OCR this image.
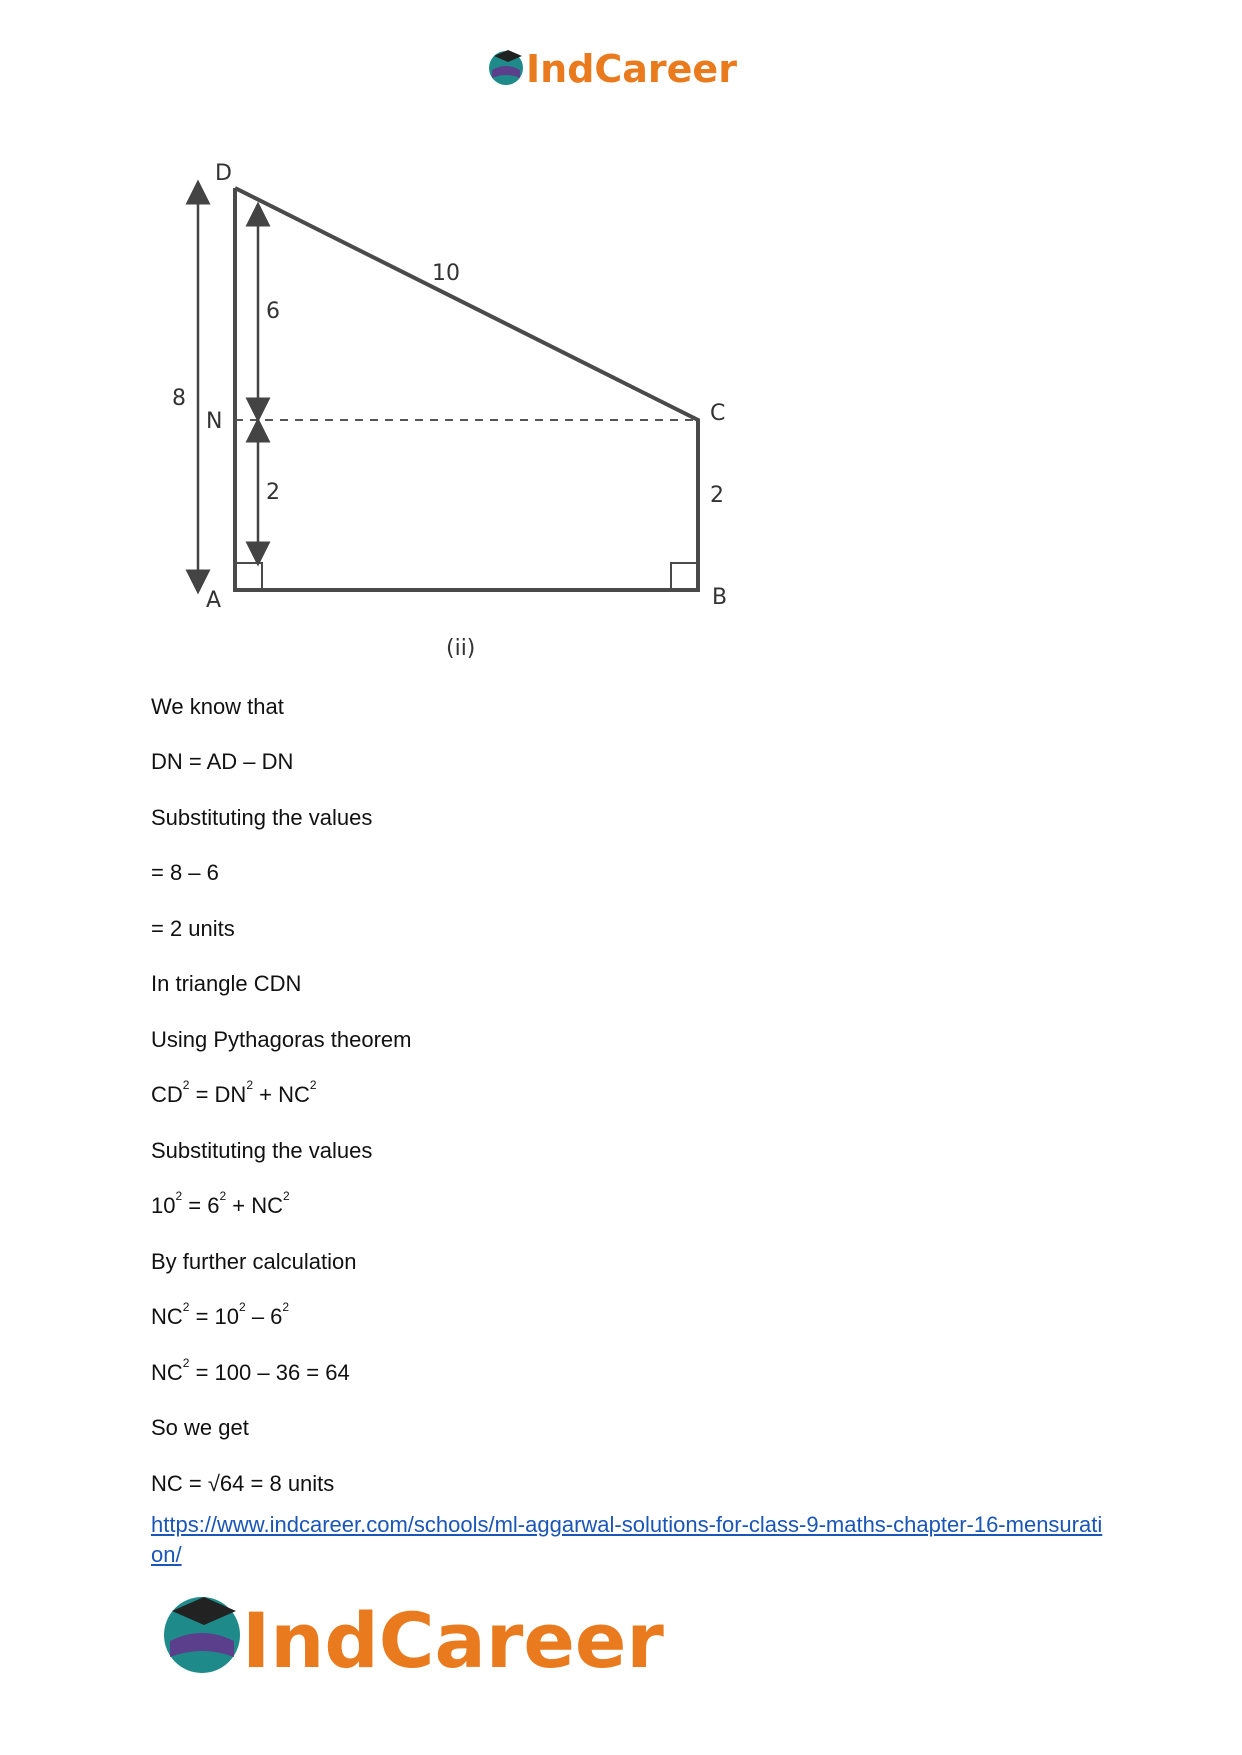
IndCareer
D
A	B
C
N
10
6
2	2
8
(ii)
We know that
DN = AD – DN
Substituting the values
= 8 – 6
= 2 units
In triangle CDN
Using Pythagoras theorem
$CD^2 = DN^2 + NC^2$
Substituting the values
$10^2 = 6^2 + NC^2$
By further calculation
$NC^2 = 10^2 - 6^2$
$NC^2 = 100 - 36 = 64$
So we get
NC = √64 = 8 units
https://www.indcareer.com/schools/ml-aggarwal-solutions-for-class-9-maths-chapter-16-mensuration/
IndCareer
